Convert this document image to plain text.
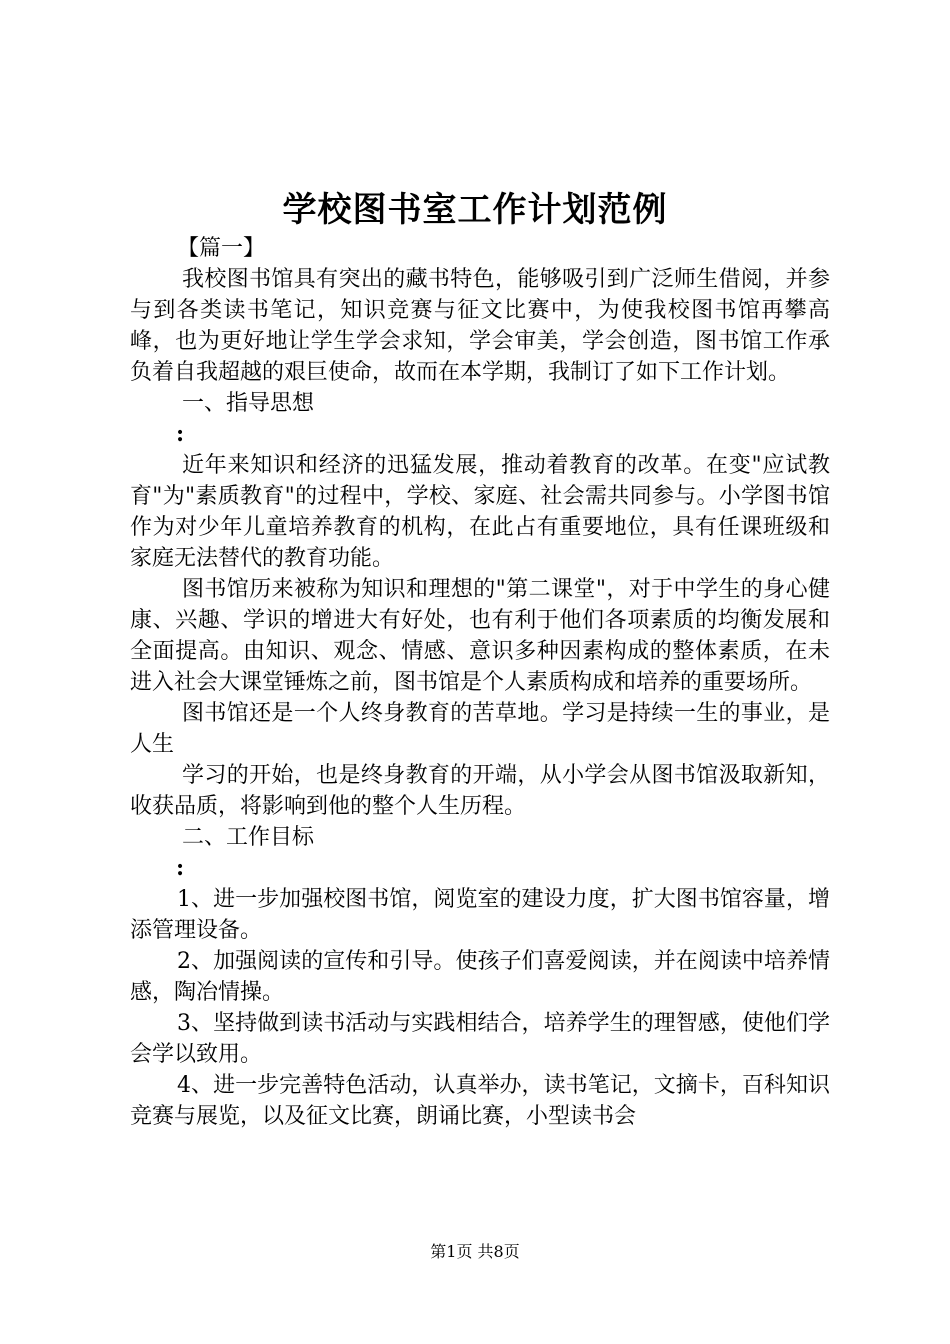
学校图书室工作计划范例

【篇一】

我校图书馆具有突出的藏书特色，能够吸引到广泛师生借阅，并参与到各类读书笔记，知识竞赛与征文比赛中，为使我校图书馆再攀高峰，也为更好地让学生学会求知，学会审美，学会创造，图书馆工作承负着自我超越的艰巨使命，故而在本学期，我制订了如下工作计划。

一、指导思想

:

近年来知识和经济的迅猛发展，推动着教育的改革。在变"应试教育"为"素质教育"的过程中，学校、家庭、社会需共同参与。小学图书馆作为对少年儿童培养教育的机构，在此占有重要地位，具有任课班级和家庭无法替代的教育功能。

图书馆历来被称为知识和理想的"第二课堂"，对于中学生的身心健康、兴趣、学识的增进大有好处，也有利于他们各项素质的均衡发展和全面提高。由知识、观念、情感、意识多种因素构成的整体素质，在未进入社会大课堂锤炼之前，图书馆是个人素质构成和培养的重要场所。

图书馆还是一个人终身教育的苦草地。学习是持续一生的事业，是人生

学习的开始，也是终身教育的开端，从小学会从图书馆汲取新知，收获品质，将影响到他的整个人生历程。

二、工作目标

:

1、进一步加强校图书馆，阅览室的建设力度，扩大图书馆容量，增添管理设备。

2、加强阅读的宣传和引导。使孩子们喜爱阅读，并在阅读中培养情感，陶冶情操。

3、坚持做到读书活动与实践相结合，培养学生的理智感，使他们学会学以致用。

4、进一步完善特色活动，认真举办，读书笔记，文摘卡，百科知识竞赛与展览，以及征文比赛，朗诵比赛，小型读书会

第1页 共8页
